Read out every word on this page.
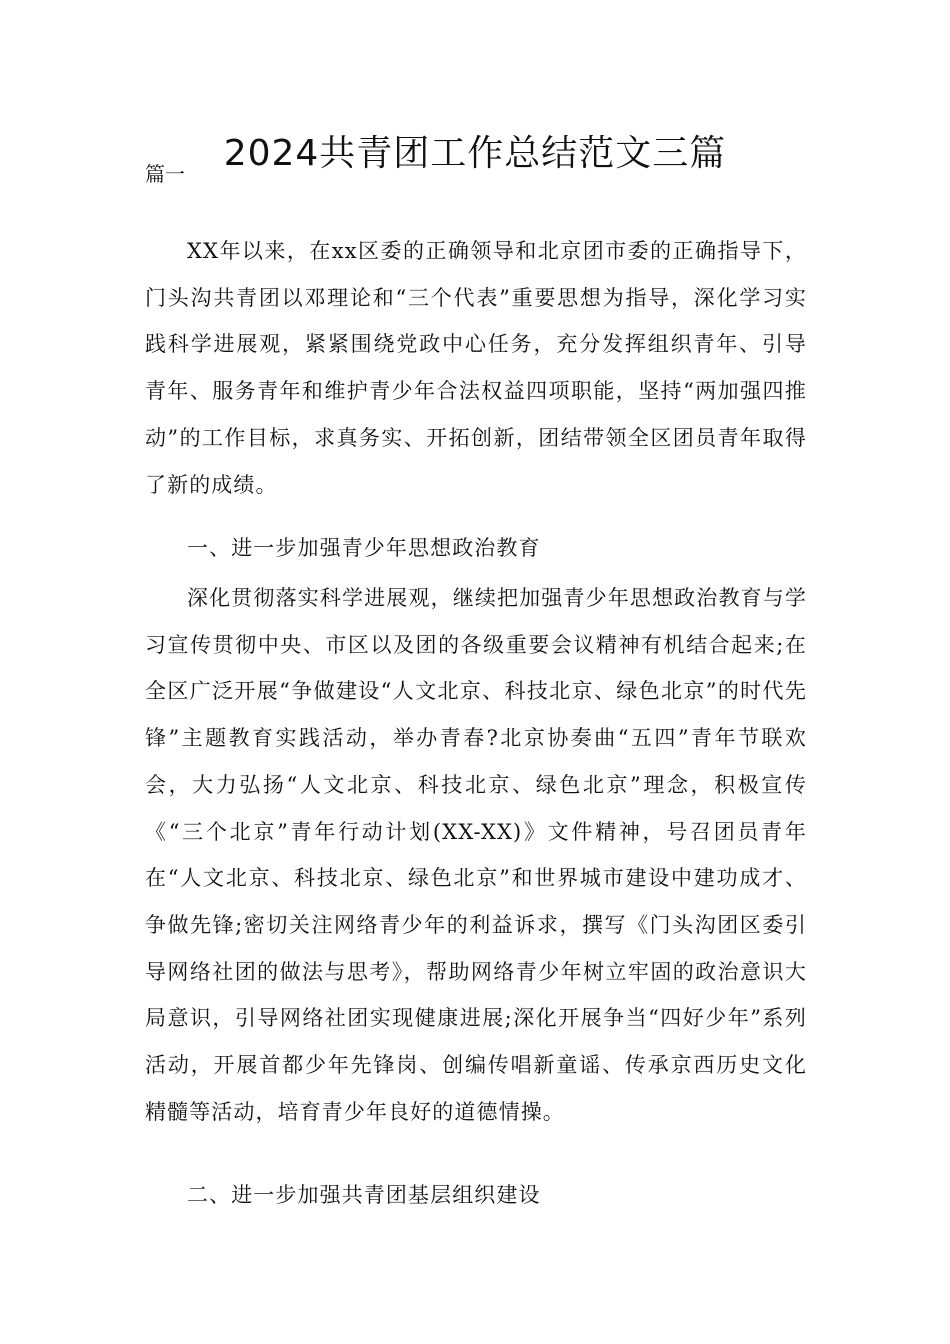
2024共青团工作总结范文三篇

篇一

XX年以来，在xx区委的正确领导和北京团市委的正确指导下，门头沟共青团以邓理论和“三个代表”重要思想为指导，深化学习实践科学进展观，紧紧围绕党政中心任务，充分发挥组织青年、引导青年、服务青年和维护青少年合法权益四项职能，坚持“两加强四推动”的工作目标，求真务实、开拓创新，团结带领全区团员青年取得了新的成绩。

一、进一步加强青少年思想政治教育

深化贯彻落实科学进展观，继续把加强青少年思想政治教育与学习宣传贯彻中央、市区以及团的各级重要会议精神有机结合起来;在全区广泛开展“争做建设“人文北京、科技北京、绿色北京”的时代先锋”主题教育实践活动，举办青春?北京协奏曲“五四”青年节联欢会，大力弘扬“人文北京、科技北京、绿色北京”理念，积极宣传《“三个北京”青年行动计划(XX-XX)》文件精神，号召团员青年在“人文北京、科技北京、绿色北京”和世界城市建设中建功成才、争做先锋;密切关注网络青少年的利益诉求，撰写《门头沟团区委引导网络社团的做法与思考》，帮助网络青少年树立牢固的政治意识大局意识，引导网络社团实现健康进展;深化开展争当“四好少年”系列活动，开展首都少年先锋岗、创编传唱新童谣、传承京西历史文化精髓等活动，培育青少年良好的道德情操。

二、进一步加强共青团基层组织建设
